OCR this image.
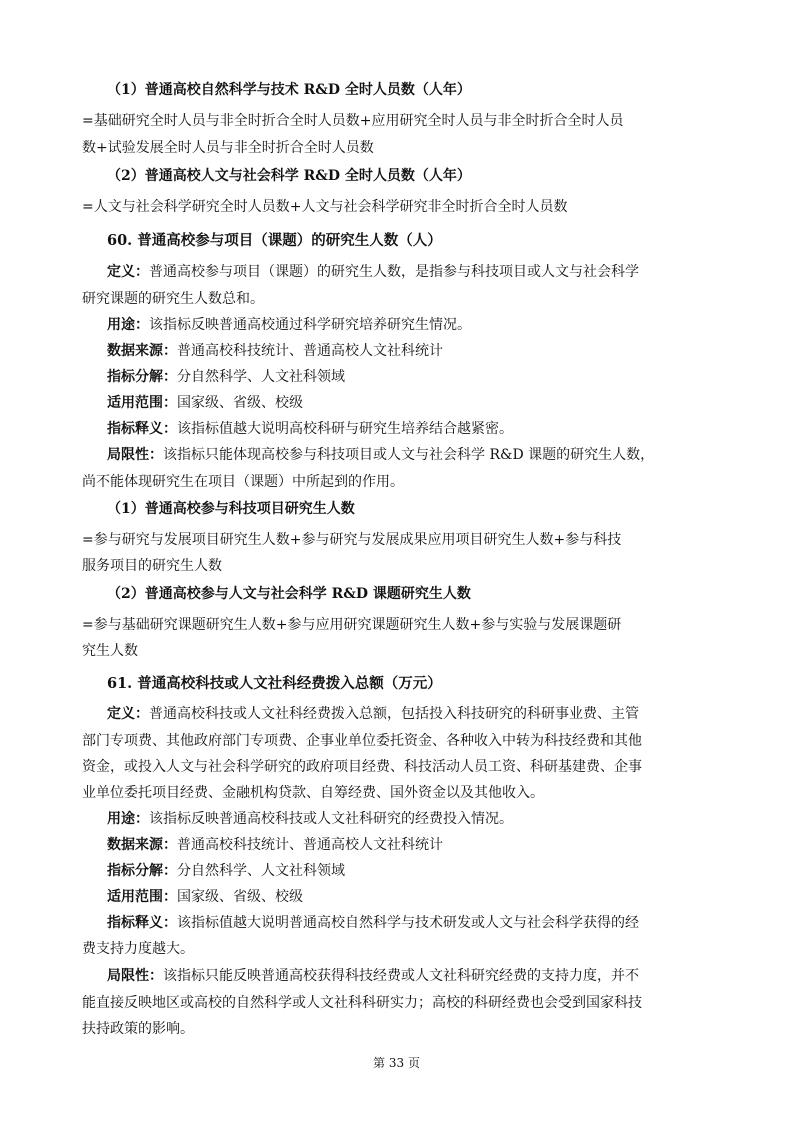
（1）普通高校自然科学与技术 R&D 全时人员数（人年）
=基础研究全时人员与非全时折合全时人员数+应用研究全时人员与非全时折合全时人员
数+试验发展全时人员与非全时折合全时人员数
（2）普通高校人文与社会科学 R&D 全时人员数（人年）
=人文与社会科学研究全时人员数+人文与社会科学研究非全时折合全时人员数
60. 普通高校参与项目（课题）的研究生人数（人）
定义：普通高校参与项目（课题）的研究生人数，是指参与科技项目或人文与社会科学
研究课题的研究生人数总和。
用途：该指标反映普通高校通过科学研究培养研究生情况。
数据来源：普通高校科技统计、普通高校人文社科统计
指标分解：分自然科学、人文社科领域
适用范围：国家级、省级、校级
指标释义：该指标值越大说明高校科研与研究生培养结合越紧密。
局限性：该指标只能体现高校参与科技项目或人文与社会科学 R&D 课题的研究生人数，
尚不能体现研究生在项目（课题）中所起到的作用。
（1）普通高校参与科技项目研究生人数
=参与研究与发展项目研究生人数+参与研究与发展成果应用项目研究生人数+参与科技
服务项目的研究生人数
（2）普通高校参与人文与社会科学 R&D 课题研究生人数
=参与基础研究课题研究生人数+参与应用研究课题研究生人数+参与实验与发展课题研
究生人数
61. 普通高校科技或人文社科经费拨入总额（万元）
定义：普通高校科技或人文社科经费拨入总额，包括投入科技研究的科研事业费、主管
部门专项费、其他政府部门专项费、企事业单位委托资金、各种收入中转为科技经费和其他
资金，或投入人文与社会科学研究的政府项目经费、科技活动人员工资、科研基建费、企事
业单位委托项目经费、金融机构贷款、自筹经费、国外资金以及其他收入。
用途：该指标反映普通高校科技或人文社科研究的经费投入情况。
数据来源：普通高校科技统计、普通高校人文社科统计
指标分解：分自然科学、人文社科领域
适用范围：国家级、省级、校级
指标释义：该指标值越大说明普通高校自然科学与技术研发或人文与社会科学获得的经
费支持力度越大。
局限性：该指标只能反映普通高校获得科技经费或人文社科研究经费的支持力度，并不
能直接反映地区或高校的自然科学或人文社科科研实力；高校的科研经费也会受到国家科技
扶持政策的影响。
第 33 页
